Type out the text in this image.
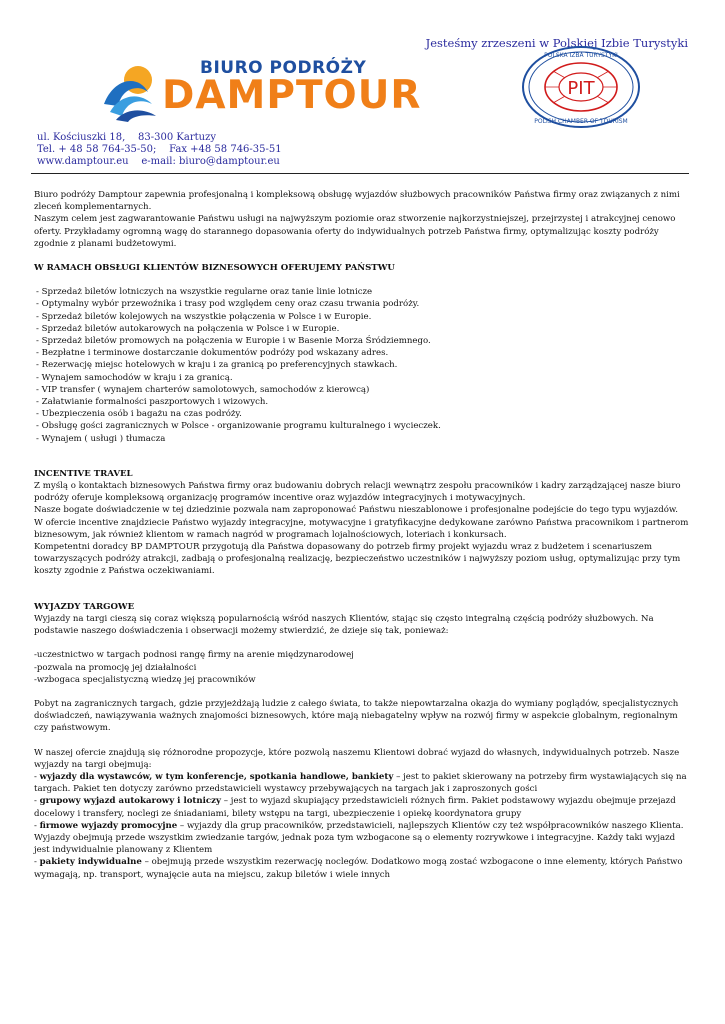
Jesteśmy zrzeszeni w Polskiej Izbie Turystyki
BIURO PODRÓŻY
DAMPTOUR	PIT
POLSKA IZBA TURYSTYKI
POLISH CHAMBER OF TOURISM
ul. Kościuszki 18,    83-300 Kartuzy
Tel. + 48 58 764-35-50;    Fax +48 58 746-35-51
www.damptour.eu    e-mail: biuro@damptour.eu

Biuro podróży Damptour zapewnia profesjonalną i kompleksową obsługę wyjazdów służbowych pracowników Państwa firmy oraz związanych z nimi zleceń komplementarnych.

Naszym celem jest zagwarantowanie Państwu usługi na najwyższym poziomie oraz stworzenie najkorzystniejszej, przejrzystej i atrakcyjnej cenowo oferty. Przykładamy ogromną wagę do starannego dopasowania oferty do indywidualnych potrzeb Państwa firmy, optymalizując koszty podróży zgodnie z planami budżetowymi.

W RAMACH OBSŁUGI KLIENTÓW BIZNESOWYCH OFERUJEMY PAŃSTWU

- Sprzedaż biletów lotniczych na wszystkie regularne oraz tanie linie lotnicze

- Optymalny wybór przewoźnika i trasy pod względem ceny oraz czasu trwania podróży.

- Sprzedaż biletów kolejowych na wszystkie połączenia w Polsce i w Europie.

- Sprzedaż biletów autokarowych na połączenia w Polsce i w Europie.

- Sprzedaż biletów promowych na połączenia w Europie i w Basenie Morza Śródziemnego.

- Bezpłatne i terminowe dostarczanie dokumentów podróży pod wskazany adres.

- Rezerwację miejsc hotelowych w kraju i za granicą po preferencyjnych stawkach.

- Wynajem samochodów w kraju i za granicą.

- VIP transfer ( wynajem charterów samolotowych, samochodów z kierowcą)

- Załatwianie formalności paszportowych i wizowych.

- Ubezpieczenia osób i bagażu na czas podróży.

- Obsługę gości zagranicznych w Polsce - organizowanie programu kulturalnego i wycieczek.

- Wynajem ( usługi ) tłumacza

INCENTIVE TRAVEL

Z myślą o kontaktach biznesowych Państwa firmy oraz budowaniu dobrych relacji wewnątrz zespołu pracowników i kadry zarządzającej nasze biuro podróży oferuje kompleksową organizację programów incentive oraz wyjazdów integracyjnych i motywacyjnych.

Nasze bogate doświadczenie w tej dziedzinie pozwala nam zaproponować Państwu nieszablonowe i profesjonalne podejście do tego typu wyjazdów.

W ofercie incentive znajdziecie Państwo wyjazdy integracyjne, motywacyjne i gratyfikacyjne dedykowane zarówno Państwa pracownikom i partnerom biznesowym, jak również klientom w ramach nagród w programach lojalnościowych, loteriach i konkursach.

Kompetentni doradcy BP DAMPTOUR przygotują dla Państwa dopasowany do potrzeb firmy projekt wyjazdu wraz z budżetem i scenariuszem towarzyszących podróży atrakcji, zadbają o profesjonalną realizację, bezpieczeństwo uczestników i najwyższy poziom usług, optymalizując przy tym koszty zgodnie z Państwa oczekiwaniami.

WYJAZDY TARGOWE

Wyjazdy na targi cieszą się coraz większą popularnością wśród naszych Klientów, stając się często integralną częścią podróży służbowych. Na podstawie naszego doświadczenia i obserwacji możemy stwierdzić, że dzieje się tak, ponieważ:

-uczestnictwo w targach podnosi rangę firmy na arenie międzynarodowej

-pozwala na promocję jej działalności

-wzbogaca specjalistyczną wiedzę jej pracowników

Pobyt na zagranicznych targach, gdzie przyjeżdżają ludzie z całego świata, to także niepowtarzalna okazja do wymiany poglądów, specjalistycznych doświadczeń, nawiązywania ważnych znajomości biznesowych, które mają niebagatelny wpływ na rozwój firmy w aspekcie globalnym, regionalnym czy państwowym.

W naszej ofercie znajdują się różnorodne propozycje, które pozwolą naszemu Klientowi dobrać wyjazd do własnych, indywidualnych potrzeb. Nasze wyjazdy na targi obejmują:

- wyjazdy dla wystawców, w tym konferencje, spotkania handlowe, bankiety – jest to pakiet skierowany na potrzeby firm wystawiających się na targach. Pakiet ten dotyczy zarówno przedstawicieli wystawcy przebywających na targach jak i zaproszonych gości

- grupowy wyjazd autokarowy i lotniczy – jest to wyjazd skupiający przedstawicieli różnych firm. Pakiet podstawowy wyjazdu obejmuje przejazd docelowy i transfery, noclegi ze śniadaniami, bilety wstępu na targi, ubezpieczenie i opiekę koordynatora grupy

- firmowe wyjazdy promocyjne – wyjazdy dla grup pracowników, przedstawicieli, najlepszych Klientów czy też współpracowników naszego Klienta. Wyjazdy obejmują przede wszystkim zwiedzanie targów, jednak poza tym wzbogacone są o elementy rozrywkowe i integracyjne. Każdy taki wyjazd jest indywidualnie planowany z Klientem

- pakiety indywidualne – obejmują przede wszystkim rezerwację noclegów. Dodatkowo mogą zostać wzbogacone o inne elementy, których Państwo wymagają, np. transport, wynajęcie auta na miejscu, zakup biletów i wiele innych
